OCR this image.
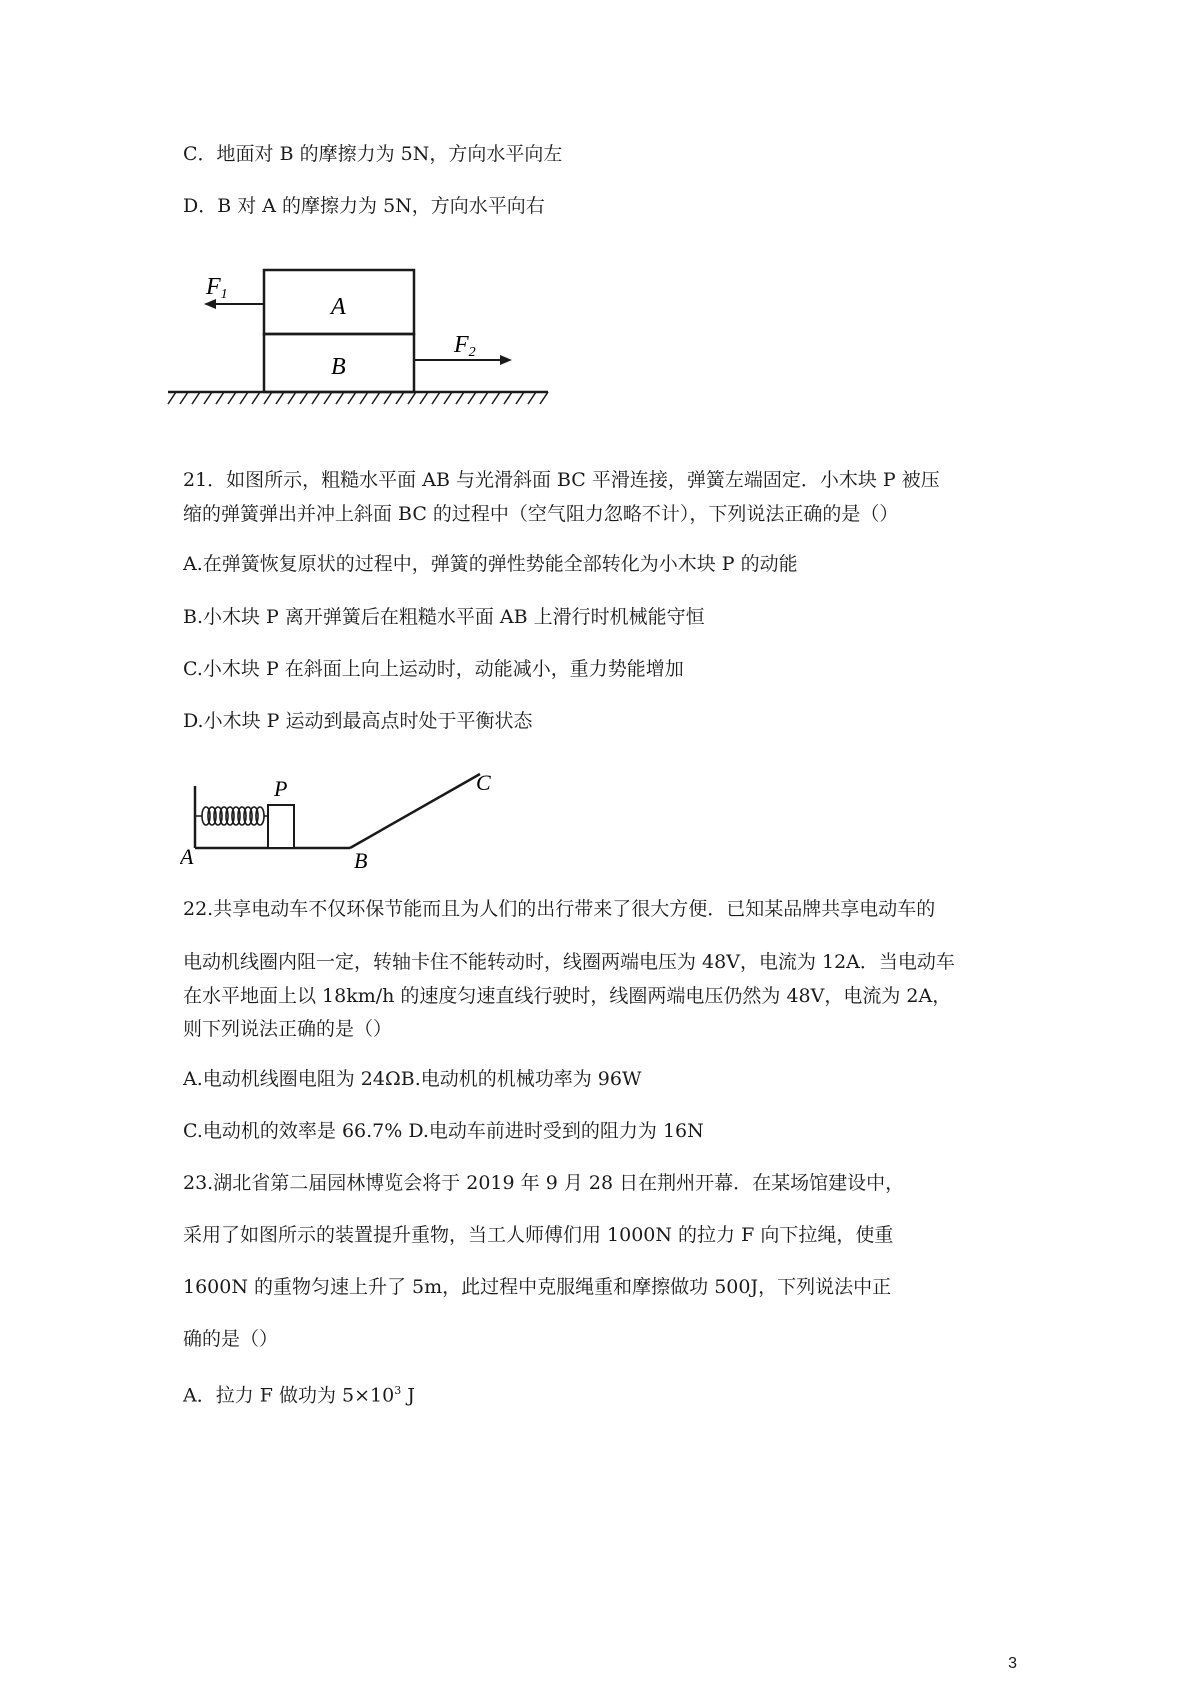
C．地面对 B 的摩擦力为 5N，方向水平向左
D．B 对 A 的摩擦力为 5N，方向水平向右
F1
F2
A
B
21．如图所示，粗糙水平面 AB 与光滑斜面 BC 平滑连接，弹簧左端固定．小木块 P 被压
缩的弹簧弹出并冲上斜面 BC 的过程中（空气阻力忽略不计），下列说法正确的是（）
A.在弹簧恢复原状的过程中，弹簧的弹性势能全部转化为小木块 P 的动能
B.小木块 P 离开弹簧后在粗糙水平面 AB 上滑行时机械能守恒
C.小木块 P 在斜面上向上运动时，动能减小，重力势能增加
D.小木块 P 运动到最高点时处于平衡状态
P
A	B
C
22.共享电动车不仅环保节能而且为人们的出行带来了很大方便．已知某品牌共享电动车的
电动机线圈内阻一定，转轴卡住不能转动时，线圈两端电压为 48V，电流为 12A．当电动车
在水平地面上以 18km/h 的速度匀速直线行驶时，线圈两端电压仍然为 48V，电流为 2A，
则下列说法正确的是（）
A.电动机线圈电阻为 24ΩB.电动机的机械功率为 96W
C.电动机的效率是 66.7% D.电动车前进时受到的阻力为 16N
23.湖北省第二届园林博览会将于 2019 年 9 月 28 日在荆州开幕．在某场馆建设中，
采用了如图所示的装置提升重物，当工人师傅们用 1000N 的拉力 F 向下拉绳，使重
1600N 的重物匀速上升了 5m，此过程中克服绳重和摩擦做功 500J，下列说法中正
确的是（）
A．拉力 F 做功为 $5\times 10^3$ J
3
